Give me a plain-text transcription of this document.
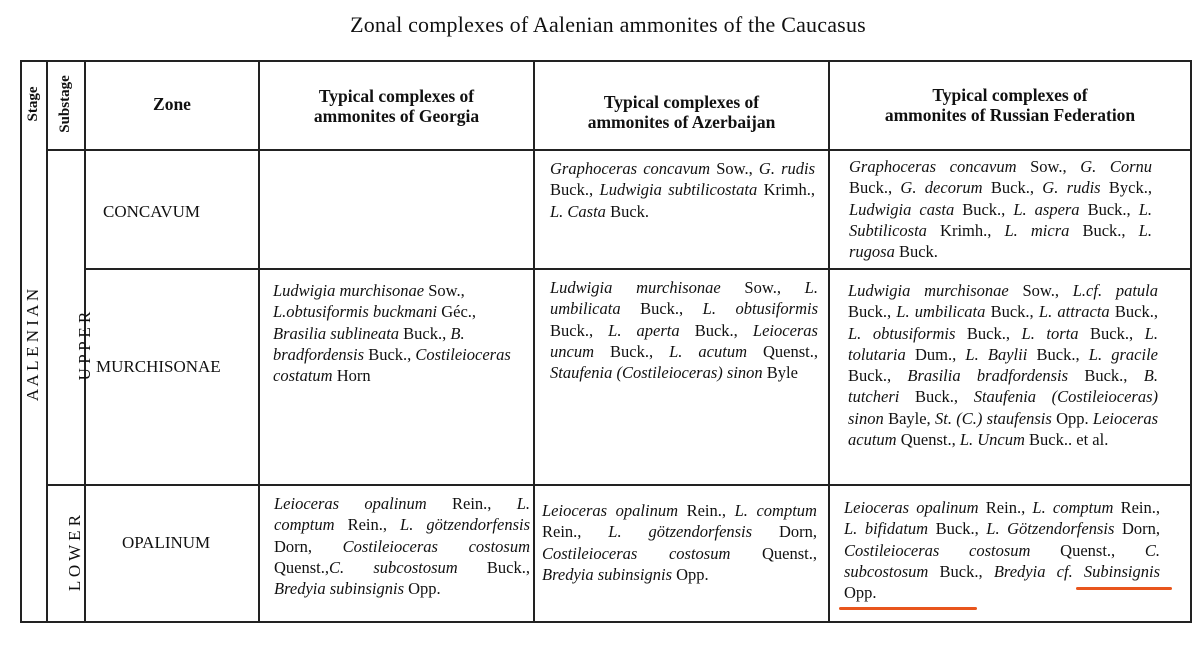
Zonal complexes of Aalenian ammonites of the Caucasus
Stage Substage	Zone	Typical complexes of
ammonites of Georgia
Typical complexes of
ammonites of Azerbaijan
Typical complexes of
ammonites of Russian Federation
A A L E N I A N U P P E R
L O W E R
CONCAVUM
MURCHISONAE
OPALINUM
Graphoceras concavum Sow., G. rudis Buck., Ludwigia subtilicostata Krimh., L. Casta Buck.
Graphoceras concavum Sow., G. Cornu Buck., G. decorum Buck., G. rudis Byck., Ludwigia casta Buck., L. aspera Buck., L. Subtilicosta Krimh., L. micra Buck., L. rugosa Buck.
Ludwigia murchisonae Sow., L.obtusiformis buckmani Géc., Brasilia sublineata Buck., B. bradfordensis Buck., Costileioceras costatum Horn
Ludwigia murchisonae Sow., L. umbilicata Buck., L. obtusiformis Buck., L. aperta Buck., Leioceras uncum Buck., L. acutum Quenst., Staufenia (Costileioceras) sinon Byle
Ludwigia murchisonae Sow., L.cf. patula Buck., L. umbilicata Buck., L. attracta Buck., L. obtusiformis Buck., L. torta Buck., L. tolutaria Dum., L. Baylii Buck., L. gracile Buck., Brasilia bradfordensis Buck., B. tutcheri Buck., Staufenia (Costileioceras) sinon Bayle, St. (C.) staufensis Opp. Leioceras acutum Quenst., L. Uncum Buck.. et al.
Leioceras opalinum Rein., L. comptum Rein., L. götzendorfensis Dorn, Costileioceras costosum Quenst.,C. subcostosum Buck., Bredyia subinsignis Opp.
Leioceras opalinum Rein., L. comptum Rein., L. götzendorfensis Dorn, Costileioceras costosum Quenst., Bredyia subinsignis Opp.
Leioceras opalinum Rein., L. comptum Rein., L. bifidatum Buck., L. Götzendorfensis Dorn, Costileioceras costosum Quenst., C. subcostosum Buck., Bredyia cf. Subinsignis Opp.
